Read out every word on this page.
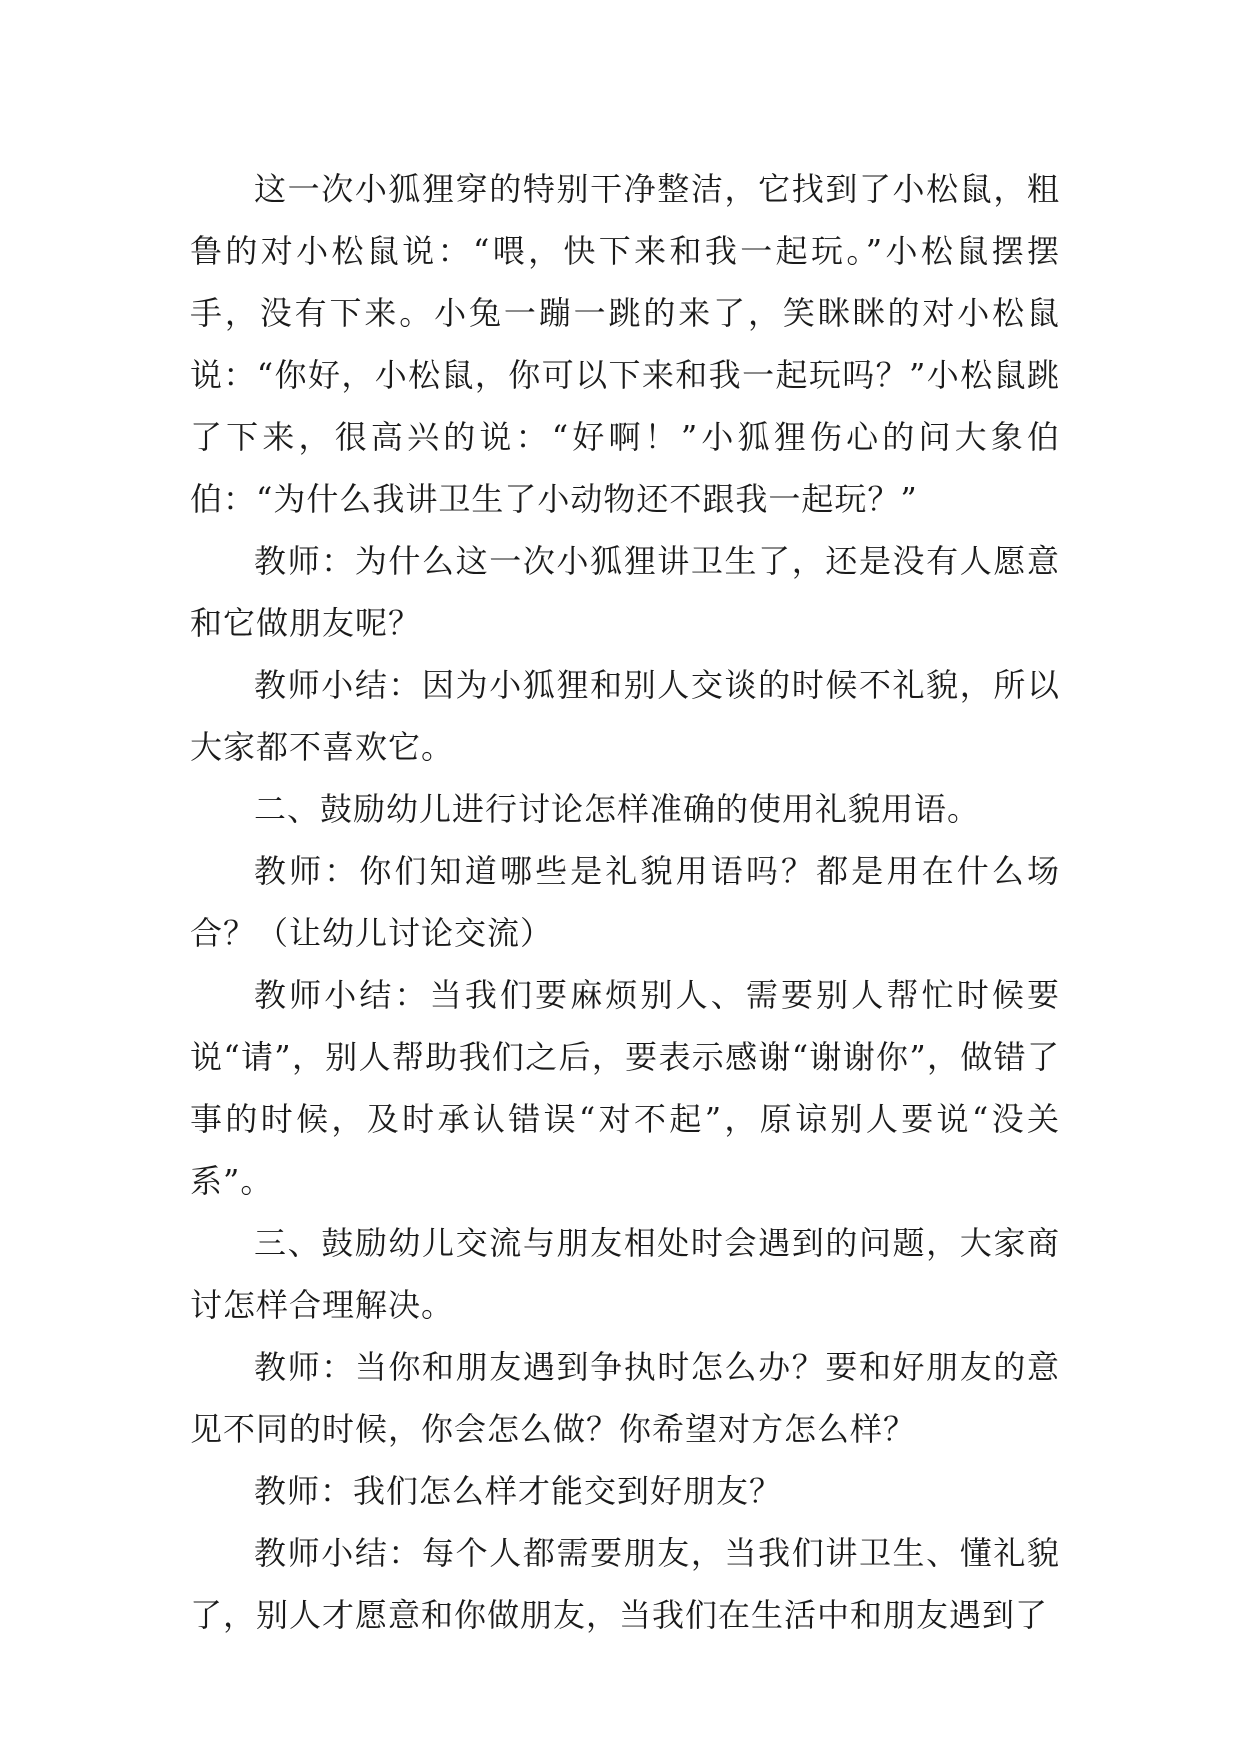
这一次小狐狸穿的特别干净整洁，它找到了小松鼠，粗鲁的对小松鼠说：“喂，快下来和我一起玩。”小松鼠摆摆手，没有下来。小兔一蹦一跳的来了，笑眯眯的对小松鼠说：“你好，小松鼠，你可以下来和我一起玩吗？”小松鼠跳了下来，很高兴的说：“好啊！”小狐狸伤心的问大象伯伯：“为什么我讲卫生了小动物还不跟我一起玩？”

教师：为什么这一次小狐狸讲卫生了，还是没有人愿意和它做朋友呢？

教师小结：因为小狐狸和别人交谈的时候不礼貌，所以大家都不喜欢它。

二、鼓励幼儿进行讨论怎样准确的使用礼貌用语。

教师：你们知道哪些是礼貌用语吗？都是用在什么场合？（让幼儿讨论交流）

教师小结：当我们要麻烦别人、需要别人帮忙时候要说“请”，别人帮助我们之后，要表示感谢“谢谢你”，做错了事的时候，及时承认错误“对不起”，原谅别人要说“没关系”。

三、鼓励幼儿交流与朋友相处时会遇到的问题，大家商讨怎样合理解决。

教师：当你和朋友遇到争执时怎么办？要和好朋友的意见不同的时候，你会怎么做？你希望对方怎么样？

教师：我们怎么样才能交到好朋友？

教师小结：每个人都需要朋友，当我们讲卫生、懂礼貌了，别人才愿意和你做朋友，当我们在生活中和朋友遇到了
